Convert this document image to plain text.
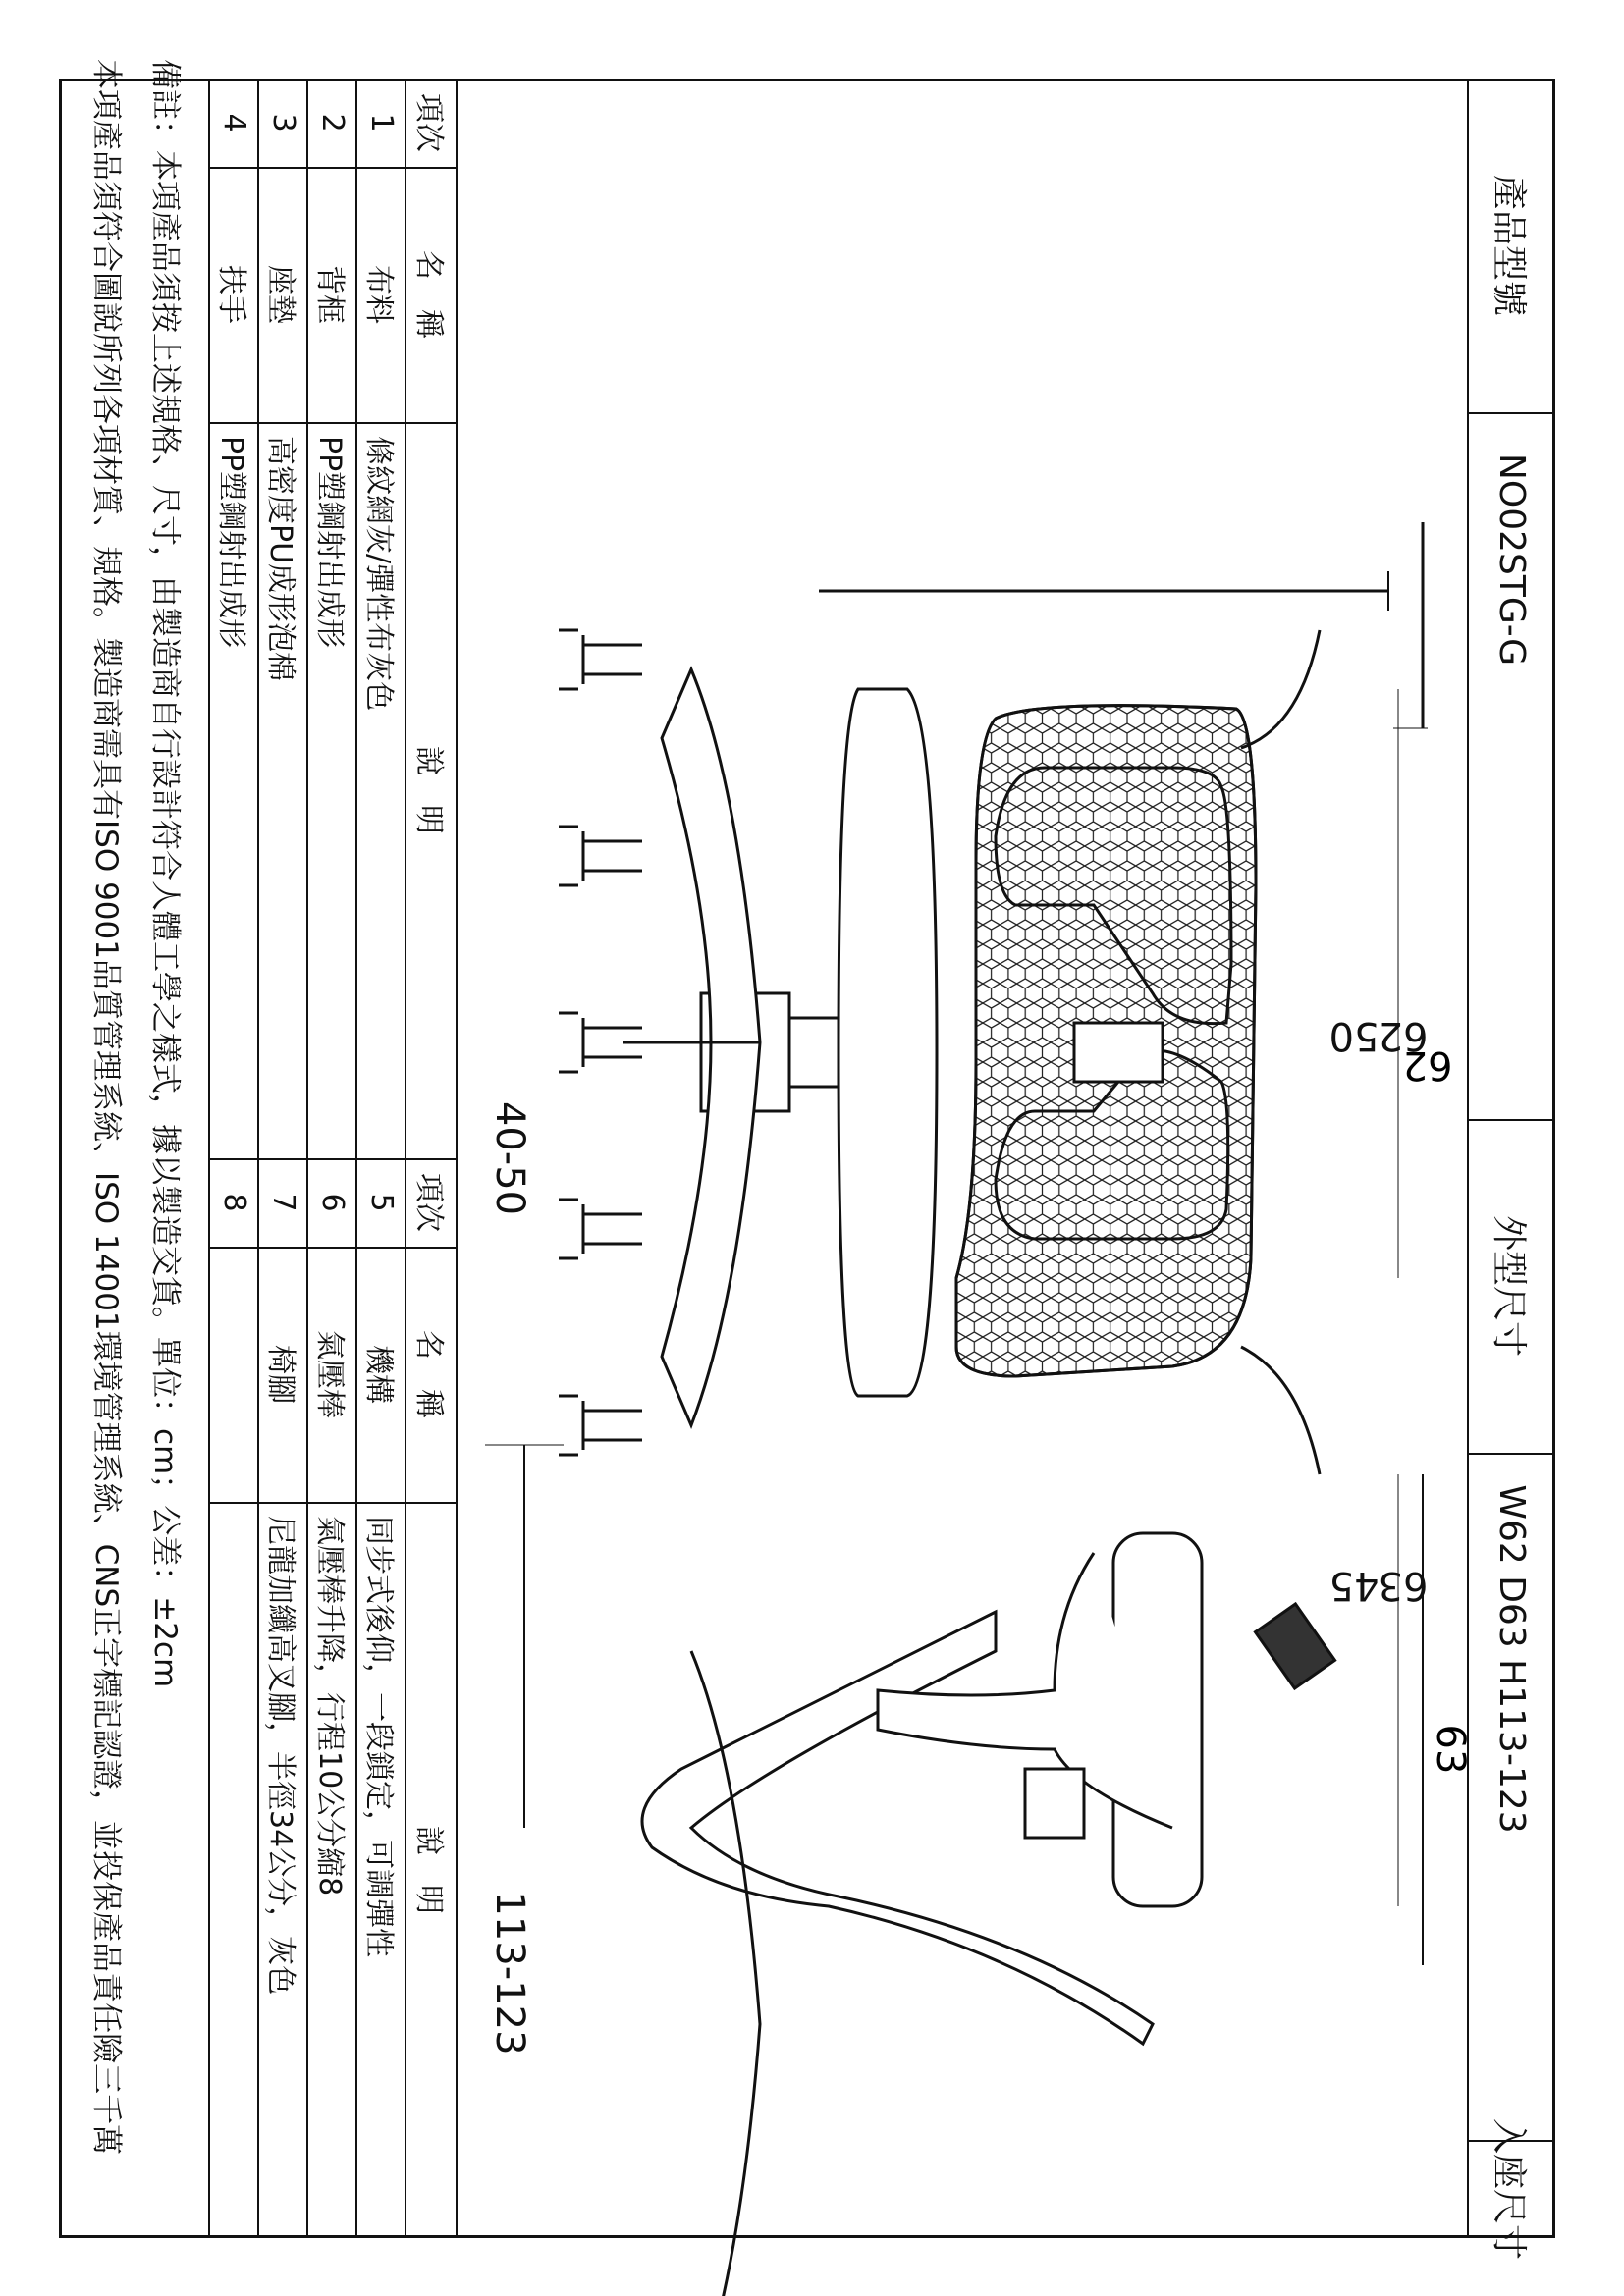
產品型號
NO02STG-G
外型尺寸
W62 D63 H113-123
入座尺寸
62
63
62
50
40-50
63
45
113-123
項次
名　稱
說　明
項次
名　稱
說　明
1
布料
條紋網灰/彈性布灰色
2
背框
PP塑鋼射出成形
3
座墊
高密度PU成形泡棉
4
扶手
PP塑鋼射出成形
5
機構
同步式後仰，一段鎖定，可調彈性
6
氣壓棒
氣壓棒升降，行程10公分縮8
7
椅腳
尼龍加纖高叉腳，半徑34公分，灰色
8
備註：本項產品須按上述規格、尺寸，由製造商自行設計符合人體工學之樣式，據以製造交貨。單位：cm；公差：±2cm
本項產品須符合圖說所列各項材質、規格。製造商需具有ISO 9001品質管理系統、ISO 14001環境管理系統、CNS正字標記認證，並投保產品責任險三千萬
